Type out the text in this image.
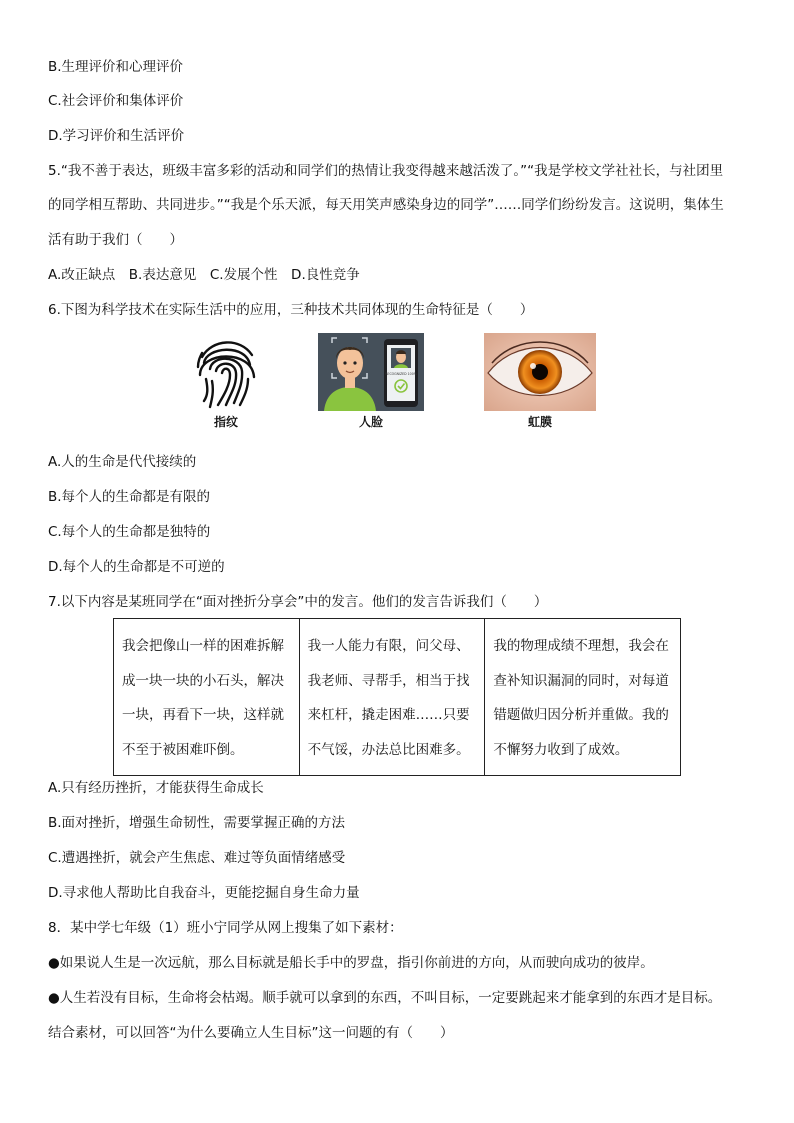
B.生理评价和心理评价
C.社会评价和集体评价
D.学习评价和生活评价
5.“我不善于表达，班级丰富多彩的活动和同学们的热情让我变得越来越活泼了。”“我是学校文学社社长，与社团里
的同学相互帮助、共同进步。”“我是个乐天派，每天用笑声感染身边的同学”……同学们纷纷发言。这说明，集体生
活有助于我们（　　）
A.改正缺点　B.表达意见　C.发展个性　D.良性竞争
6.下图为科学技术在实际生活中的应用，三种技术共同体现的生命特征是（　　）
指纹
RECOGNIZED 100%
人脸	虹膜
A.人的生命是代代接续的
B.每个人的生命都是有限的
C.每个人的生命都是独特的
D.每个人的生命都是不可逆的
7.以下内容是某班同学在“面对挫折分享会”中的发言。他们的发言告诉我们（　　）
我会把像山一样的困难拆解成一块一块的小石头，解决一块，再看下一块，这样就不至于被困难吓倒。	我一人能力有限，问父母、我老师、寻帮手，相当于找来杠杆，撬走困难……只要不气馁，办法总比困难多。	我的物理成绩不理想，我会在查补知识漏洞的同时，对每道错题做归因分析并重做。我的不懈努力收到了成效。
A.只有经历挫折，才能获得生命成长
B.面对挫折，增强生命韧性，需要掌握正确的方法
C.遭遇挫折，就会产生焦虑、难过等负面情绪感受
D.寻求他人帮助比自我奋斗，更能挖掘自身生命力量
8．某中学七年级（1）班小宁同学从网上搜集了如下素材：
●如果说人生是一次远航，那么目标就是船长手中的罗盘，指引你前进的方向，从而驶向成功的彼岸。
●人生若没有目标，生命将会枯竭。顺手就可以拿到的东西，不叫目标，一定要跳起来才能拿到的东西才是目标。
结合素材，可以回答“为什么要确立人生目标”这一问题的有（　　）
